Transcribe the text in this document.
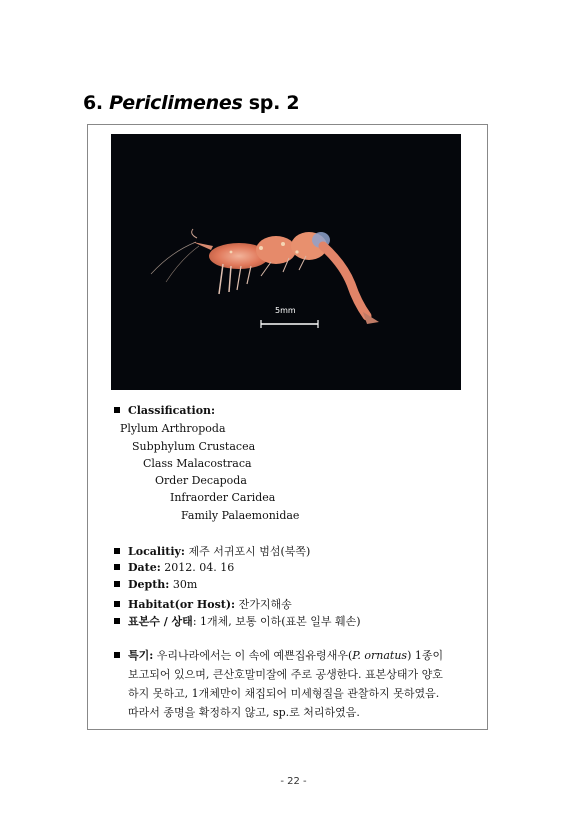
6. Periclimenes sp. 2
5mm
Classification:
Plylum Arthropoda
Subphylum Crustacea
Class Malacostraca
Order Decapoda
Infraorder Caridea
Family Palaemonidae
Localitiy: 제주 서귀포시 범섬(북쪽)
Date: 2012. 04. 16
Depth: 30m
Habitat(or Host): 잔가지해송
표본수 / 상태 : 1개체, 보통 이하(표본 일부 훼손)
특기: 우리나라에서는 이 속에 예쁜집유령새우( P. ornatus ) 1종이
보고되어 있으며, 큰산호말미잘에 주로 공생한다. 표본상태가 양호
하지 못하고, 1개체만이 채집되어 미세형질을 관찰하지 못하였음.
따라서 종명을 확정하지 않고, sp.로 처리하였음.
- 22 -
